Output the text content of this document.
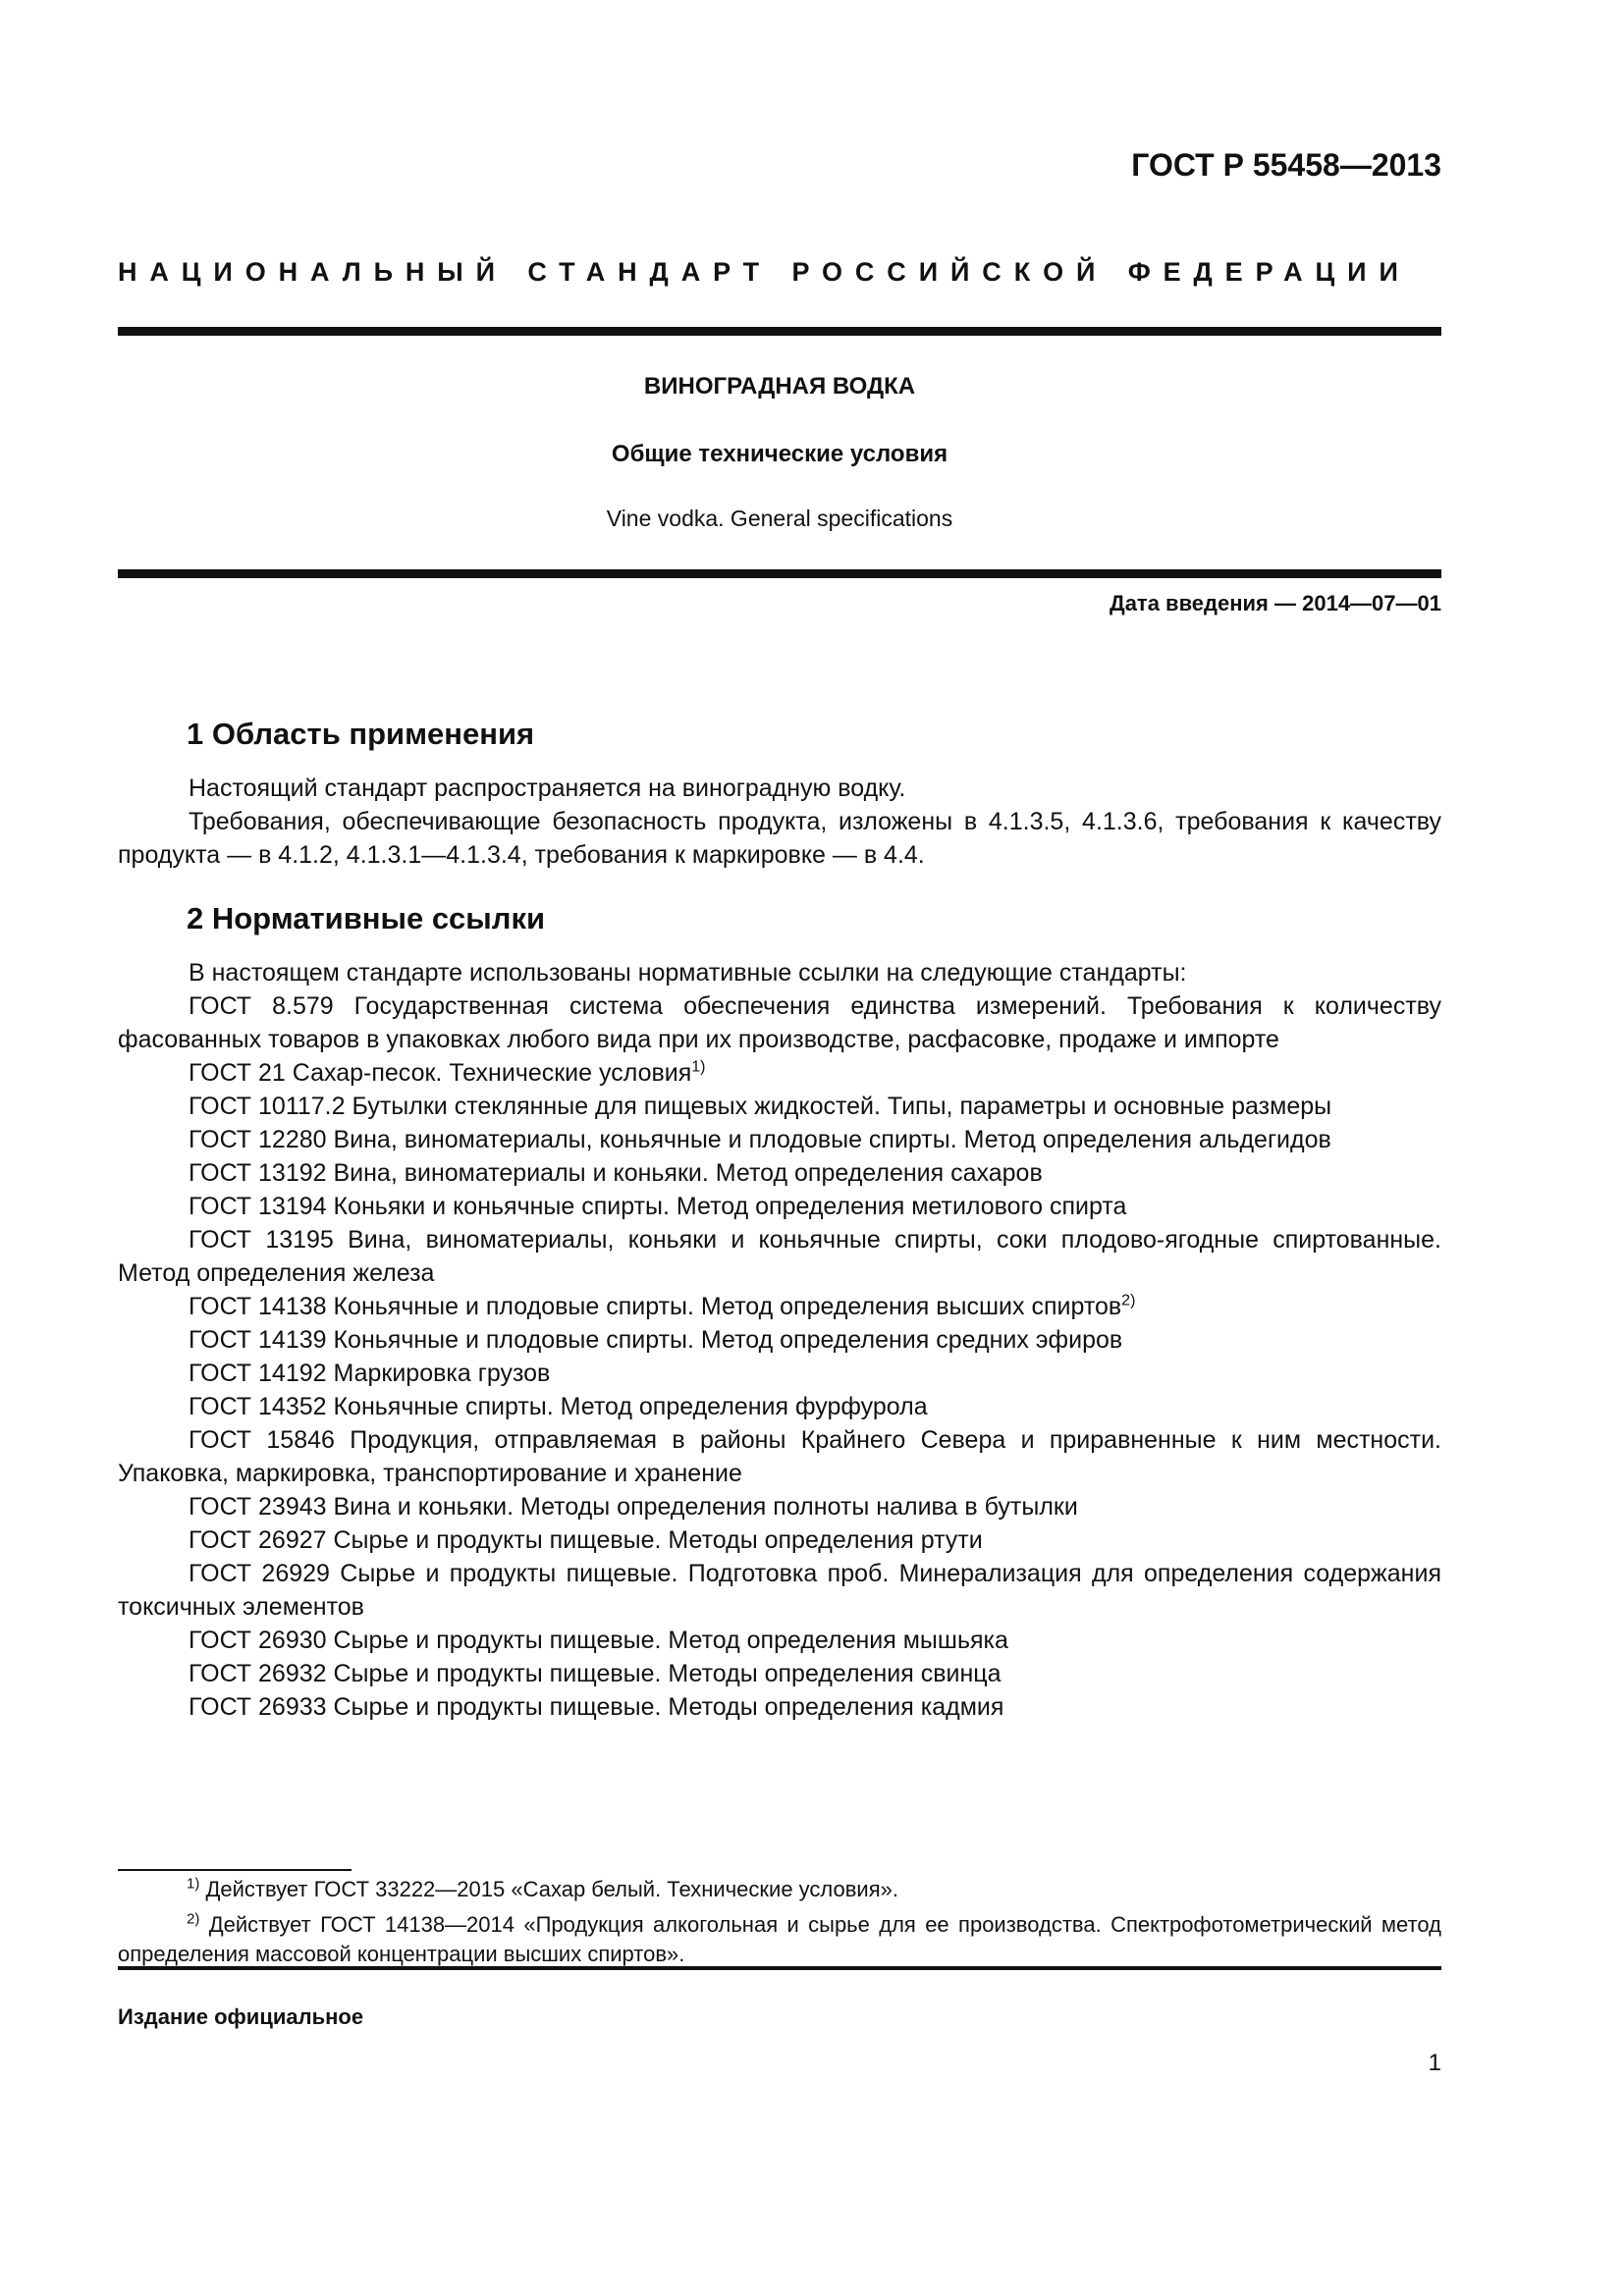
ГОСТ Р 55458—2013
НАЦИОНАЛЬНЫЙ СТАНДАРТ РОССИЙСКОЙ ФЕДЕРАЦИИ
ВИНОГРАДНАЯ ВОДКА
Общие технические условия
Vine vodka. General specifications
Дата введения — 2014—07—01
1 Область применения

Настоящий стандарт распространяется на виноградную водку.

Требования, обеспечивающие безопасность продукта, изложены в 4.1.3.5, 4.1.3.6, требования к качеству продукта — в 4.1.2, 4.1.3.1—4.1.3.4, требования к маркировке — в 4.4.

2 Нормативные ссылки

В настоящем стандарте использованы нормативные ссылки на следующие стандарты:

ГОСТ 8.579 Государственная система обеспечения единства измерений. Требования к количеству фасованных товаров в упаковках любого вида при их производстве, расфасовке, продаже и импорте

ГОСТ 21 Сахар-песок. Технические условия$^{1)}$

ГОСТ 10117.2 Бутылки стеклянные для пищевых жидкостей. Типы, параметры и основные размеры

ГОСТ 12280 Вина, виноматериалы, коньячные и плодовые спирты. Метод определения альдегидов

ГОСТ 13192 Вина, виноматериалы и коньяки. Метод определения сахаров

ГОСТ 13194 Коньяки и коньячные спирты. Метод определения метилового спирта

ГОСТ 13195 Вина, виноматериалы, коньяки и коньячные спирты, соки плодово-ягодные спиртованные. Метод определения железа

ГОСТ 14138 Коньячные и плодовые спирты. Метод определения высших спиртов$^{2)}$

ГОСТ 14139 Коньячные и плодовые спирты. Метод определения средних эфиров

ГОСТ 14192 Маркировка грузов

ГОСТ 14352 Коньячные спирты. Метод определения фурфурола

ГОСТ 15846 Продукция, отправляемая в районы Крайнего Севера и приравненные к ним местности. Упаковка, маркировка, транспортирование и хранение

ГОСТ 23943 Вина и коньяки. Методы определения полноты налива в бутылки

ГОСТ 26927 Сырье и продукты пищевые. Методы определения ртути

ГОСТ 26929 Сырье и продукты пищевые. Подготовка проб. Минерализация для определения содержания токсичных элементов

ГОСТ 26930 Сырье и продукты пищевые. Метод определения мышьяка

ГОСТ 26932 Сырье и продукты пищевые. Методы определения свинца

ГОСТ 26933 Сырье и продукты пищевые. Методы определения кадмия

$^{1)}$ Действует ГОСТ 33222—2015 «Сахар белый. Технические условия».

$^{2)}$ Действует ГОСТ 14138—2014 «Продукция алкогольная и сырье для ее производства. Спектрофотометрический метод определения массовой концентрации высших спиртов».

Издание официальное
1
